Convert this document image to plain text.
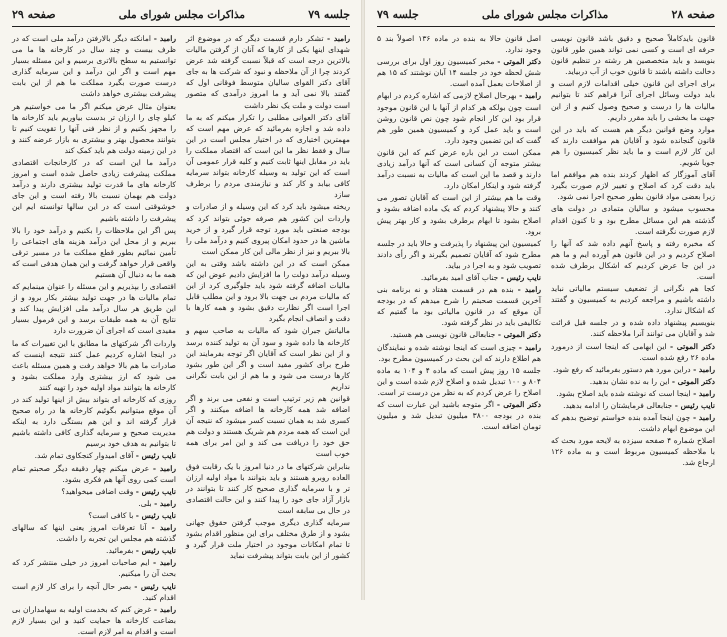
جلسه ۷۹
مذاکرات مجلس شورای ملی
صفحه ۲۹

رامبد - تشکر دارم قسمت دیگر که در موضوع اثر شهدای اینها یکی از کارها که آنان از گرفتن مالیات بالاترین درجه است که قبلاً نسبت گرفته شد عرض کردند چرا از آن ملاحظه و نبود که شرکت ها به جای آقای دکتر القوای سالیان متوسط فوقانی اول که گفتند بالا نمی آید و ما امروز درآمدی که متصور است دولت و ملت یک نظر داشت

آقای دکتر العوانی مطلبی را تکرار میکنم که به ما داده شد و اجازه بفرمائید که عرض مهم است که مهمترین اختیاری که در اختیار مجلس است در این سال و فقط نظر ما این است که اقتصاد مملکت را باید در مقابل اینها ثابت کنیم و کلیه قرار عمومی آن است که این تولید به وسیله کارخانه بتواند سرمایه کافی بیابد و کار کند و نیازمندی مردم را برطرف سازد

ریخته میشود باید کرد که این وسیله و از صادرات و واردات این کشور هم صرفه جوئی بتواند کرد که بودجه صنعتی باید مورد توجه قرار گیرد و از خرید ماشین ها در حدود امکان پیروی کنیم و درآمد ملی را بالا ببریم و نیز از نظر مالی این کار ممکن است

ممکن است که در این داشته باشد وقتی به این وسیله درآمد دولت را ما افزایش دادیم عوض این که مالیات اضافه گرفته شود باید جلوگیری کرد از این که مالیات مردم بی جهت بالا برود و این مطلب قابل اجرا است اگر نظارت دقیق بشود و همه کارها با دقت و انصاف انجام بگیرد

مالیاتش جبران شود که مالیات به صاحب سهم و کارخانه ها داده شود و سود آن به تولید کننده برسد و از این نظر است که آقایان اگر توجه بفرمایند این طرح برای کشور مفید است و اگر این طور بشود کارها درست می شود و ما هم از این بابت نگرانی نداریم

قوانین هم زیر ترتیب است و نفعی می برند و اگر اضافه شد همه کارخانه ها اضافه میکنند و اگر کسری شد به همان نسبت کسر میشود که نتیجه آن این است که همه مردم هم شریک هستند و دولت هم حق خود را دریافت می کند و این امر برای همه خوب است

بنابراین شرکتهای ما در دنیا امروز با یک رقابت فوق العاده روبرو هستند و باید بتوانند با مواد اولیه ارزان تر و با سرمایه گذاری صحیح کار کنند تا بتوانند در بازار آزاد جای خود را پیدا کنند و این حالت اقتصادی در حال بی سابقه است

سرمایه گذاری دیگری موجب گرفتن حقوق جهانی بشود و از طرق مختلف برای این منظور اقدام بشود تا تمام امکانات موجود در اختیار ملت قرار گیرد و کشور از این بابت بتواند پیشرفت نماید

رامبد - امانکته دیگر بالارفتن درآمد ملی است که در ظرف بیست و چند سال در کارخانه ها ما می توانستیم به سطح بالاتری برسیم و این مسئله بسیار مهم است و اگر این درآمد و این سرمایه گذاری درست صورت بگیرد مملکت ما هم از این بابت پیشرفت بیشتری خواهد داشت

بعنوان مثال عرض میکنم اگر ما می خواستیم هر کیلو چای را ارزان تر بدست بیاوریم باید کارخانه ها را مجهز بکنیم و از نظر فنی آنها را تقویت کنیم تا بتوانند محصول بهتر و بیشتری به بازار عرضه کنند و در این زمینه دولت هم باید کمک کند

درآمد ما این است که در کارخانجات اقتصادی مملکت پیشرفت زیادی حاصل شده است و امروز کارخانه های ما قدرت تولید بیشتری دارند و درآمد دولت هم بهمان نسبت بالا رفته است و این جای خوشوقتی است که در این سالها توانسته ایم این پیشرفت را داشته باشیم

پس اگر این ملاحظات را بکنیم و درآمد خود را بالا ببریم و از محل این درآمد هزینه های اجتماعی را تأمین نمائیم بطور قطع مملکت ما در مسیر ترقی واقعی قرار خواهد گرفت و این همان هدفی است که همه ما به دنبال آن هستیم

اقتصادی را بپذیریم و این مسئله را عنوان مینمایم که تمام مالیات ها در جهت تولید بیشتر بکار برود و از این طریق هر سال درآمد ملی افزایش پیدا کند و نتایج آن به همه طبقات برسد و این فرمول بسیار مفیدی است که اجرای آن ضرورت دارد

واردات اگر شرکتهای ما مطابق با این تغییرات که ما در اینجا اشاره کردیم عمل کنند نتیجه اینست که صادرات ما هم بالا خواهد رفت و همین مسئله باعث می شود که ارز بیشتری وارد مملکت بشود و کارخانه ها بتوانند مواد اولیه خود را تهیه کنند

روزی که کارخانه ای بتواند بیش از اینها تولید کند در آن موقع میتوانیم بگوئیم کارخانه ها در راه صحیح قرار گرفته اند و این هم بستگی دارد به اینکه مدیریت صحیح و سرمایه گذاری کافی داشته باشیم تا بتوانیم به هدف خود برسیم

نایب رئیس - آقای امیدوار کنجکاوی تمام شد.

رامبد - عرض میکنم چهار دقیقه دیگر صحبتم تمام است کمی روی آنها هم فکری بشود.

نایب رئیس - وقت اضافی میخواهید؟

رامبد - بلی.

نایب رئیس - با کافی است؟

رامبد - آنا تعرفات امروز یعنی اینها که سالهای گذشته هم مجلس این تجربه را داشت.

نایب رئیس - بفرمائید.

رامبد - ایم صاحبات امروز در خیلی منتشر کرد که بحث آن را میکنیم.

نایب رئیس - بصر حال آنچه را برای کار لازم است اقدام کنید.

رامبد - غرض کنم که بخدمت اولیه به سهامداران بی بضاعت کارخانه ها حمایت کنید و این بسیار لازم است و اقدام به امر لازم است.

صفحه ۲۸
مذاکرات مجلس شورای ملی
جلسه ۷۹

قانون بایدکاملاً صحیح و دقیق باشد قانون نویسی حرفه ای است و کسی نمی تواند همین طور قانون بنویسد و باید متخصصین هر رشته در تنظیم قانون دخالت داشته باشند تا قانون خوب از آب دربیاید.

برای اجرای این قانون خیلی اقدامات لازم است و باید دولت وسائل اجرای آنرا فراهم کند تا بتوانیم مالیات ها را درست و صحیح وصول کنیم و از این جهت ما بخشی را باید مقرر داریم.

موارد وضع قوانین دیگر هم هست که باید در این قانون گنجانده شود و آقایان هم موافقت دارند که این کار لازم است و ما باید نظر کمیسیون را هم جویا شویم.

آقای آموزگار که اظهار کردند بنده هم موافقم اما باید دقت کرد که اصلاح و تغییر لازم صورت بگیرد زیرا بعضی مواد قانون بطور صحیح اجرا نمی شود.

محسوب میشود و سالیان متمادی در دولت های گذشته هم این مسائل مطرح بود و تا کنون اقدام لازم صورت نگرفته است.

که مخبره رفته و پاسخ آنهم داده شد که آنها را اصلاح کردیم و در این قانون هم آورده ایم و ما هم در این جا عرض کردیم که اشکال برطرف شده است.

کجا هم نگرانی از تضعیف سیستم مالیاتی نباید داشته باشیم و مراجعه کردیم به کمیسیون و گفتند که اشکال ندارد.

بنویسیم پیشنهاد داده شده و در جلسه قبل قرائت شد و آقایان می توانند آنرا ملاحظه کنند.

دکتر الموتی - این ابهامی که اینجا است از درمورد ماده ۲۶ رفع شده است.

رامبد - دراین مورد هم دستور بفرمائید که رفع شود.

دکتر الموتی - این را به نده نشان بدهید.

رامبد - اینجا است که نوشته شده باید اصلاح بشود.

نایب رئیس - جنابعالی فرمایشتان را ادامه بدهید.

رامبد - چون اینجا آمده بنده خواستم توضیح بدهم که این موضوع ابهام داشت.

اصلاح شماره ۴ صفحه سیزده به لایحه مورد بحث که با ملاحظه کمیسیون مربوط است و به ماده ۱۲۶ ارجاع شد.

اصل قانون حالا به بنده در ماده ۱۳۶ اصولاً بند ۵ وجود ندارد.

دکتر الموتی - مخبر کمیسیون روز اول برای بررسی شش لحظه خود در جلسه ۱۴ آبان نوشتند که ۱۵ هم از اصلاحات بعمل آمده است.

رامبد - بهرحال اصلاح لازمی که اشاره کردم در ابهام است چون بولکه هر کدام از آنها با این قانون موجود قرار بود این کار انجام شود چون نص قانون روشن است و باید عمل کرد و کمیسیون همین طور هم گفت که این تضمین وجود دارد.

ممکن است در این باره عرض کنم که این قانون بیشتر متوجه آن کسانی است که آنها درآمد زیادی دارند و قصد ما این است که مالیات به نسبت درآمد گرفته شود و اینکار امکان دارد.

وقت ما هم بیشتر از این است که آقایان تصور می کنند و حالا پیشنهاد کردم که یک ماده اضافه بشود و اصلاح بشود تا ابهام برطرف بشود و کار بهتر پیش برود.

کمیسیون این پیشنهاد را پذیرفت و حالا باید در جلسه مطرح شود که آقایان تصمیم بگیرند و اگر رأی دادند تصویب شود و به اجرا در بیاید.

نایب رئیس - جناب آقای امید بفرمائید.

رامبد - بنده هم در قسمت هفتاد و نه برنامه بنی آخرین قسمت صحبتم را شرح میدهم که در بودجه آن موقع که در قانون مالیاتی بود ما گفتیم که تکالیفی باید در نظر گرفته شود.

دکتر الموتی - جنابعالی قانون نویسی هم هستید.

رامبد - چیزی است که اینجا نوشته شده و نمایندگان هم اطلاع دارند که این بحث در کمیسیون مطرح بود.

جلسه ۱۵ روز پیش است که ماده ۴ و ۱۰۴ به ماده ۸۰۴ و ۱۰۰ تبدیل شده و اصلاح لازم شده است و این اصلاح را عرض کردم که به نظر من درست تر است.

دکتر الموتی - اگر متوجه باشید این عبارت است که بنده در بودجه ۳۸۰۰ میلیون تبدیل شد و میلیون تومان اضافه است.
